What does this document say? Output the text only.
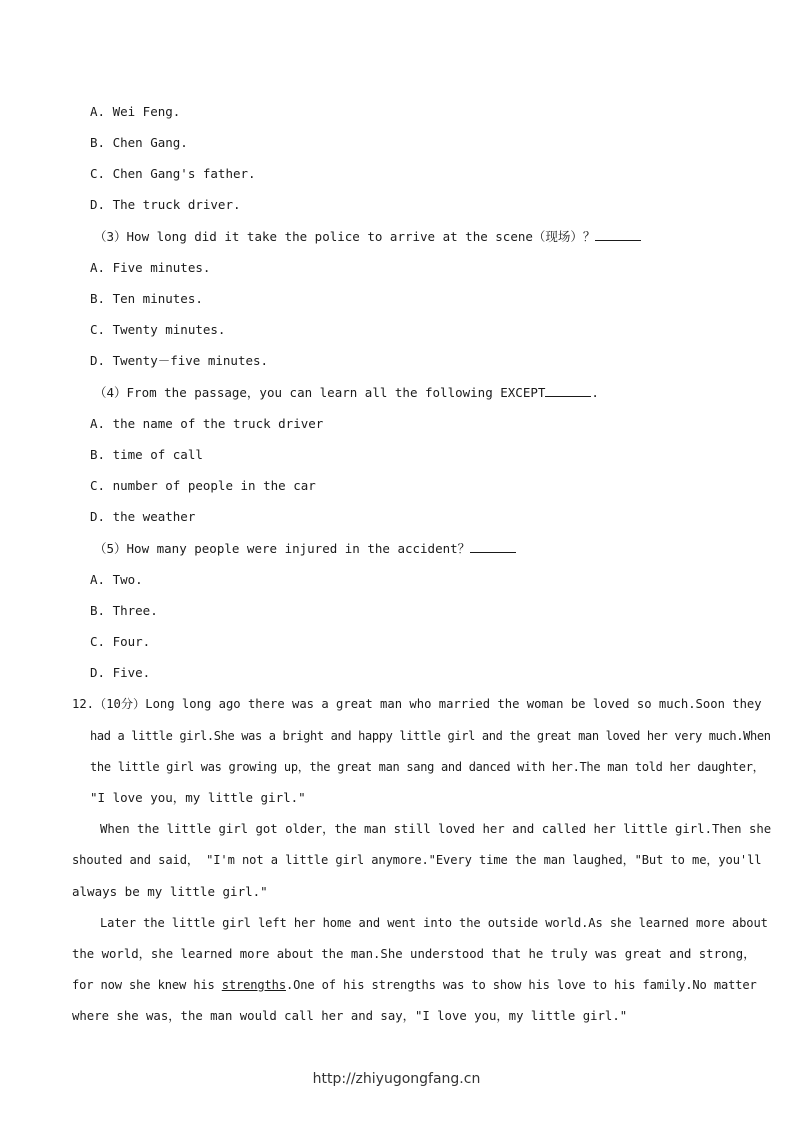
A. Wei Feng.
B. Chen Gang.
C. Chen Gang's father.
D. The truck driver.
（3）How long did it take the police to arrive at the scene（现场）？
A. Five minutes.
B. Ten minutes.
C. Twenty minutes.
D. Twenty－five minutes.
（4）From the passage，you can learn all the following EXCEPT	.
A. the name of the truck driver
B. time of call
C. number of people in the car
D. the weather
（5）How many people were injured in the accident？
A. Two.
B. Three.
C. Four.
D. Five.
12.（10分）Long long ago there was a great man who married the woman be loved so much.Soon they
had a little girl.She was a bright and happy little girl and the great man loved her very much.When
the little girl was growing up，the great man sang and danced with her.The man told her daughter，
"I love you，my little girl."
When the little girl got older，the man still loved her and called her little girl.Then she
shouted and said， "I'm not a little girl anymore."Every time the man laughed，"But to me，you'll
always be my little girl."
Later the little girl left her home and went into the outside world.As she learned more about
the world，she learned more about the man.She understood that he truly was great and strong，
for now she knew his strengths.One of his strengths was to show his love to his family.No matter
where she was，the man would call her and say，"I love you，my little girl."
http://zhiyugongfang.cn
